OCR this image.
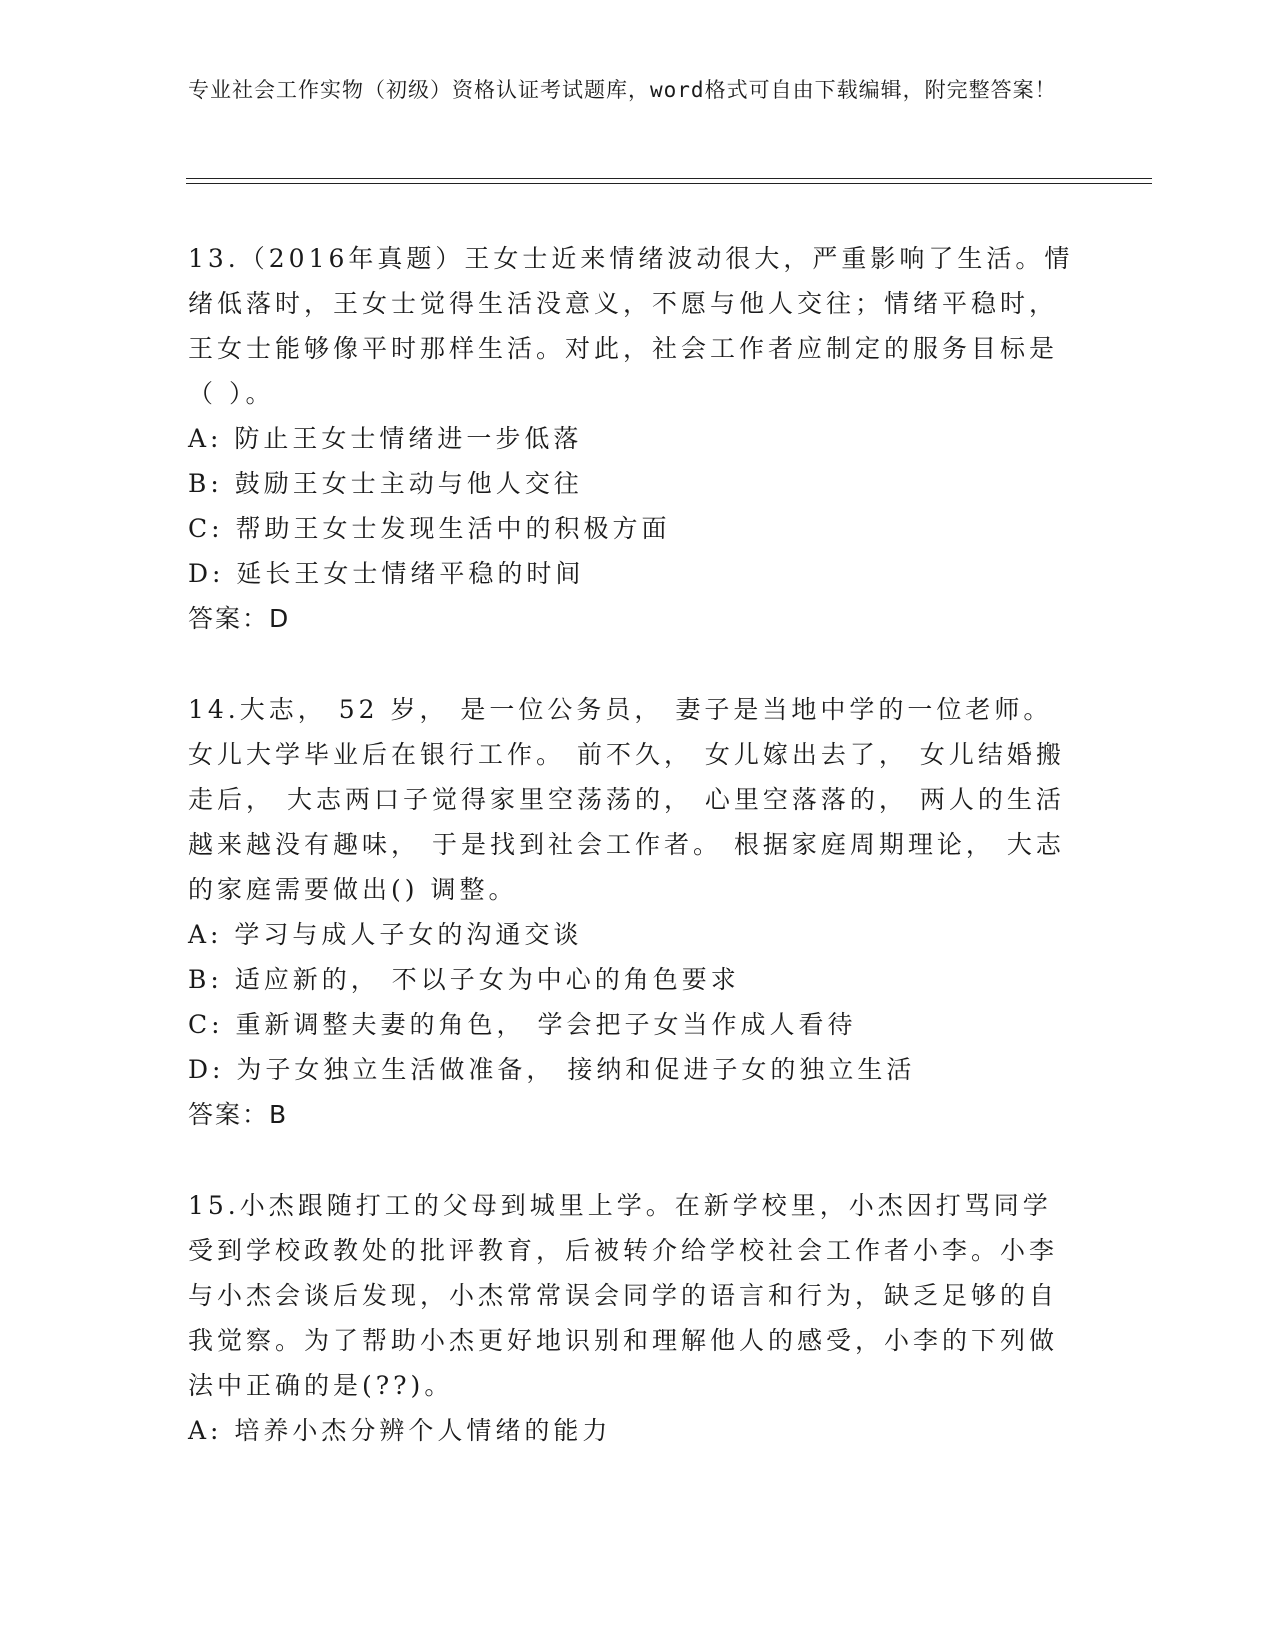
专业社会工作实物（初级）资格认证考试题库，word格式可自由下载编辑，附完整答案！
13.（2016年真题）王女士近来情绪波动很大，严重影响了生活。情绪低落时，王女士觉得生活没意义，不愿与他人交往；情绪平稳时，王女士能够像平时那样生活。对此，社会工作者应制定的服务目标是（ ）。
A: 防止王女士情绪进一步低落
B: 鼓励王女士主动与他人交往
C: 帮助王女士发现生活中的积极方面
D: 延长王女士情绪平稳的时间
答案：D
14.大志， 52 岁， 是一位公务员， 妻子是当地中学的一位老师。 女儿大学毕业后在银行工作。 前不久， 女儿嫁出去了， 女儿结婚搬走后， 大志两口子觉得家里空荡荡的， 心里空落落的， 两人的生活越来越没有趣味， 于是找到社会工作者。 根据家庭周期理论， 大志的家庭需要做出() 调整。
A: 学习与成人子女的沟通交谈
B: 适应新的， 不以子女为中心的角色要求
C: 重新调整夫妻的角色， 学会把子女当作成人看待
D: 为子女独立生活做准备， 接纳和促进子女的独立生活
答案：B
15.小杰跟随打工的父母到城里上学。在新学校里，小杰因打骂同学受到学校政教处的批评教育，后被转介给学校社会工作者小李。小李与小杰会谈后发现，小杰常常误会同学的语言和行为，缺乏足够的自我觉察。为了帮助小杰更好地识别和理解他人的感受，小李的下列做法中正确的是(??)。
A: 培养小杰分辨个人情绪的能力
